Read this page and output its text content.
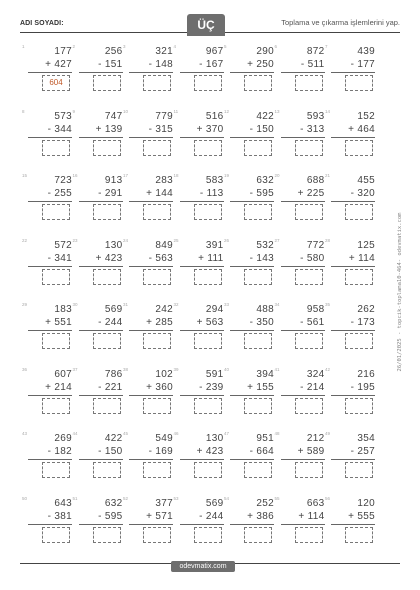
ADI SOYADI:	ÜÇ	Toplama ve çıkarma işlemlerini yap.
1	177
+ 427
604
2	256
- 151
3	321
- 148
4	967
- 167
5	290
+ 250
6	872
- 511
7	439
- 177
8	573
- 344
9	747
+ 139
10	779
- 315
11	516
+ 370
12	422
- 150
13	593
- 313
14	152
+ 464
15	723
- 255
16	913
- 291
17	283
+ 144
18	583
- 113
19	632
- 595
20	688
+ 225
21	455
- 320
22	572
- 341
23	130
+ 423
24	849
- 563
25	391
+ 111
26	532
- 143
27	772
- 580
28	125
+ 114
29	183
+ 551
30	569
- 244
31	242
+ 285
32	294
+ 563
33	488
- 350
34	958
- 561
35	262
- 173
36	607
+ 214
37	786
- 221
38	102
+ 360
39	591
- 239
40	394
+ 155
41	324
- 214
42	216
- 195
43	269
- 182
44	422
- 150
45	549
- 169
46	130
+ 423
47	951
- 664
48	212
+ 589
49	354
- 257
50	643
- 381
51	632
- 595
52	377
+ 571
53	569
- 244
54	252
+ 386
55	663
+ 114
56	120
+ 555
26/01/2025 - topcik-toplama10-464- odevmatix.com
odevmatix.com
